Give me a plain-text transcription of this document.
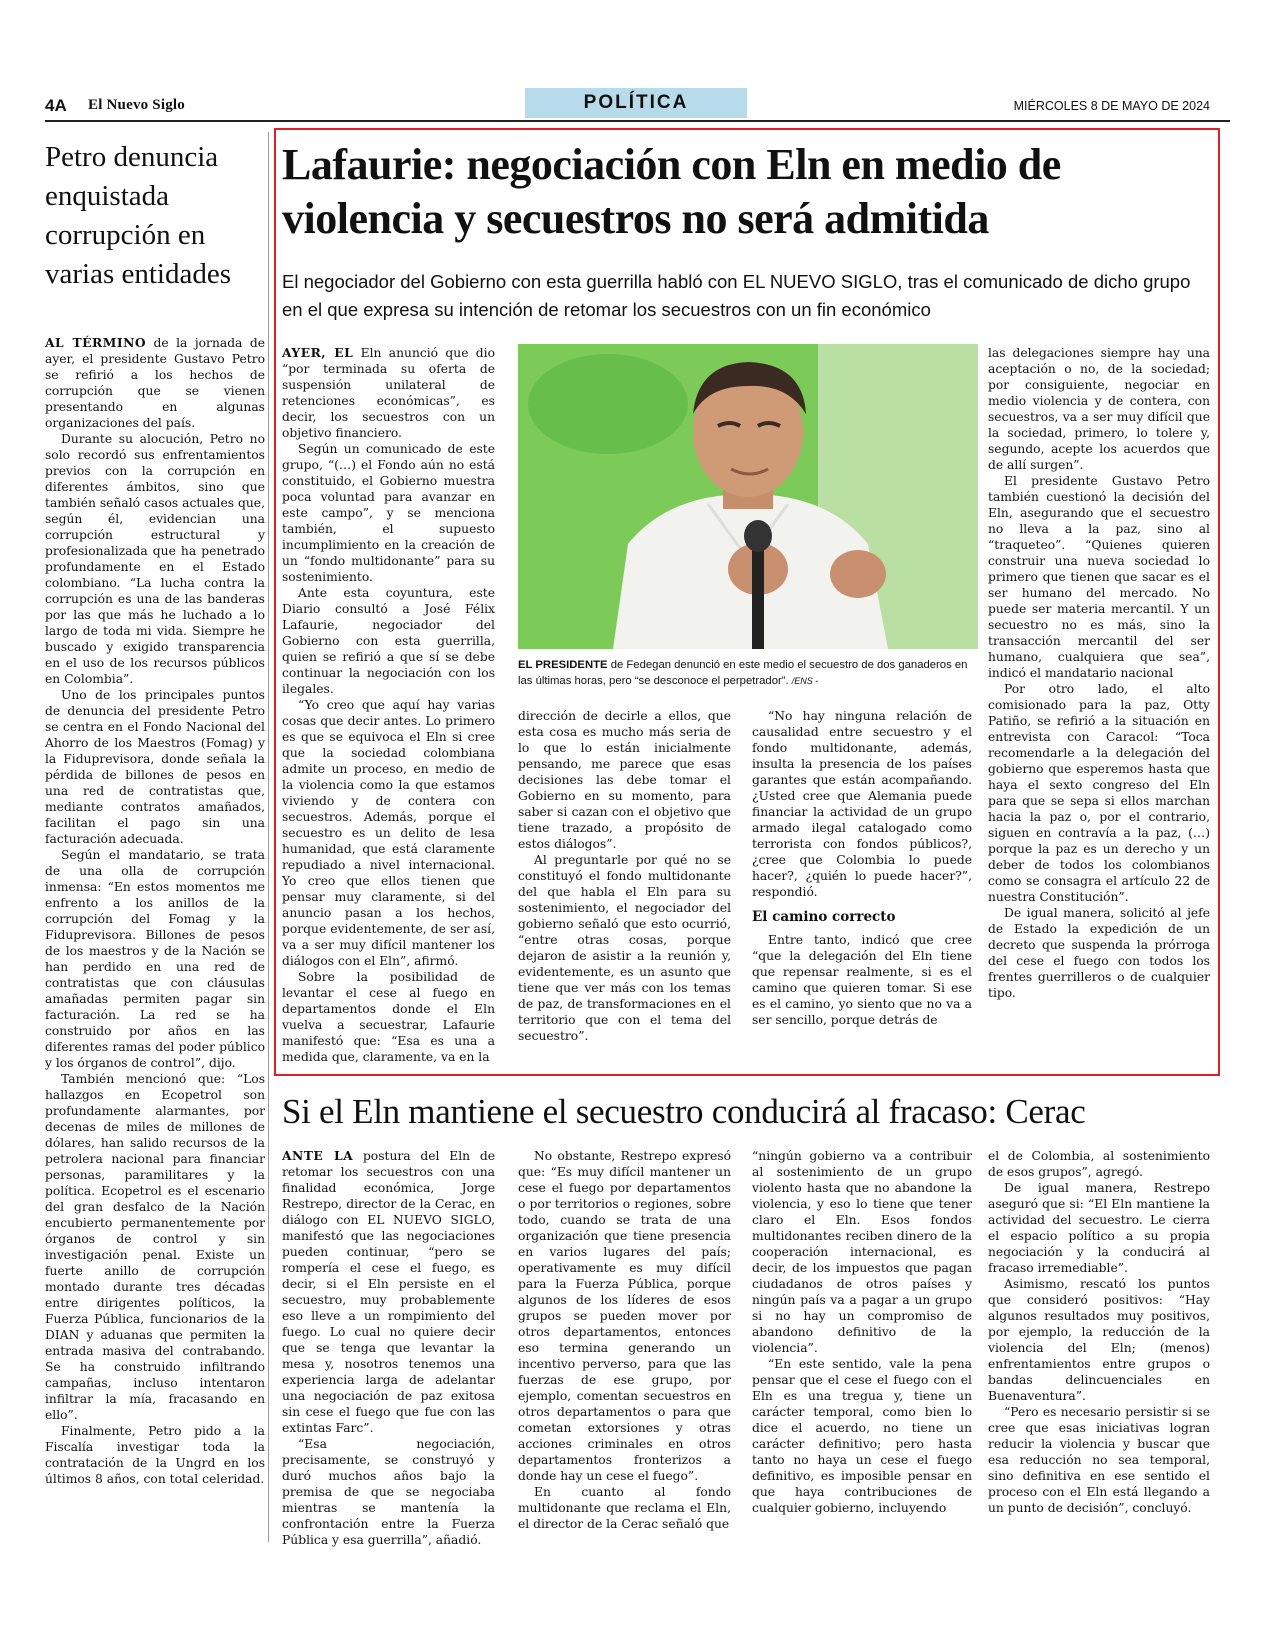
4A El Nuevo Siglo	POLÍTICA	MIÉRCOLES 8 DE MAYO DE 2024
Petro denuncia enquistada corrupción en varias entidades

AL TÉRMINO de la jornada de ayer, el presidente Gustavo Petro se refirió a los hechos de corrupción que se vienen presentando en algunas organizaciones del país.

Durante su alocución, Petro no solo recordó sus enfrentamientos previos con la corrupción en diferentes ámbitos, sino que también señaló casos actuales que, según él, evidencian una corrupción estructural y profesionalizada que ha penetrado profundamente en el Estado colombiano. “La lucha contra la corrupción es una de las banderas por las que más he luchado a lo largo de toda mi vida. Siempre he buscado y exigido transparencia en el uso de los recursos públicos en Colombia”.

Uno de los principales puntos de denuncia del presidente Petro se centra en el Fondo Nacional del Ahorro de los Maestros (Fomag) y la Fiduprevisora, donde señala la pérdida de billones de pesos en una red de contratistas que, mediante contratos amañados, facilitan el pago sin una facturación adecuada.

Según el mandatario, se trata de una olla de corrupción inmensa: “En estos momentos me enfrento a los anillos de la corrupción del Fomag y la Fiduprevisora. Billones de pesos de los maestros y de la Nación se han perdido en una red de contratistas que con cláusulas amañadas permiten pagar sin facturación. La red se ha construido por años en las diferentes ramas del poder público y los órganos de control”, dijo.

También mencionó que: “Los hallazgos en Ecopetrol son profundamente alarmantes, por decenas de miles de millones de dólares, han salido recursos de la petrolera nacional para financiar personas, paramilitares y la política. Ecopetrol es el escenario del gran desfalco de la Nación encubierto permanentemente por órganos de control y sin investigación penal. Existe un fuerte anillo de corrupción montado durante tres décadas entre dirigentes políticos, la Fuerza Pública, funcionarios de la DIAN y aduanas que permiten la entrada masiva del contrabando. Se ha construido infiltrando campañas, incluso intentaron infiltrar la mía, fracasando en ello”.

Finalmente, Petro pido a la Fiscalía investigar toda la contratación de la Ungrd en los últimos 8 años, con total celeridad.

Lafaurie: negociación con Eln en medio de violencia y secuestros no será admitida
El negociador del Gobierno con esta guerrilla habló con EL NUEVO SIGLO, tras el comunicado de dicho grupo en el que expresa su intención de retomar los secuestros con un fin económico

AYER, EL Eln anunció que dio “por terminada su oferta de suspensión unilateral de retenciones económicas”, es decir, los secuestros con un objetivo financiero.

Según un comunicado de este grupo, “(…) el Fondo aún no está constituido, el Gobierno muestra poca voluntad para avanzar en este campo”, y se menciona también, el supuesto incumplimiento en la creación de un “fondo multidonante” para su sostenimiento.

Ante esta coyuntura, este Diario consultó a José Félix Lafaurie, negociador del Gobierno con esta guerrilla, quien se refirió a que sí se debe continuar la negociación con los ilegales.

“Yo creo que aquí hay varias cosas que decir antes. Lo primero es que se equivoca el Eln si cree que la sociedad colombiana admite un proceso, en medio de la violencia como la que estamos viviendo y de contera con secuestros. Además, porque el secuestro es un delito de lesa humanidad, que está claramente repudiado a nivel internacional. Yo creo que ellos tienen que pensar muy claramente, si del anuncio pasan a los hechos, porque evidentemente, de ser así, va a ser muy difícil mantener los diálogos con el Eln”, afirmó.

Sobre la posibilidad de levantar el cese al fuego en departamentos donde el Eln vuelva a secuestrar, Lafaurie manifestó que: “Esa es una a medida que, claramente, va en la

EL PRESIDENTE de Fedegan denunció en este medio el secuestro de dos ganaderos en las últimas horas, pero “se desconoce el perpetrador”. /ENS -

dirección de decirle a ellos, que esta cosa es mucho más seria de lo que lo están inicialmente pensando, me parece que esas decisiones las debe tomar el Gobierno en su momento, para saber si cazan con el objetivo que tiene trazado, a propósito de estos diálogos”.

Al preguntarle por qué no se constituyó el fondo multidonante del que habla el Eln para su sostenimiento, el negociador del gobierno señaló que esto ocurrió, “entre otras cosas, porque dejaron de asistir a la reunión y, evidentemente, es un asunto que tiene que ver más con los temas de paz, de transformaciones en el territorio que con el tema del secuestro”.

“No hay ninguna relación de causalidad entre secuestro y el fondo multidonante, además, insulta la presencia de los países garantes que están acompañando. ¿Usted cree que Alemania puede financiar la actividad de un grupo armado ilegal catalogado como terrorista con fondos públicos?, ¿cree que Colombia lo puede hacer?, ¿quién lo puede hacer?”, respondió.

El camino correcto

Entre tanto, indicó que cree “que la delegación del Eln tiene que repensar realmente, si es el camino que quieren tomar. Si ese es el camino, yo siento que no va a ser sencillo, porque detrás de

las delegaciones siempre hay una aceptación o no, de la sociedad; por consiguiente, negociar en medio violencia y de contera, con secuestros, va a ser muy difícil que la sociedad, primero, lo tolere y, segundo, acepte los acuerdos que de allí surgen”.

El presidente Gustavo Petro también cuestionó la decisión del Eln, asegurando que el secuestro no lleva a la paz, sino al “traqueteo”. “Quienes quieren construir una nueva sociedad lo primero que tienen que sacar es el ser humano del mercado. No puede ser materia mercantil. Y un secuestro no es más, sino la transacción mercantil del ser humano, cualquiera que sea”, indicó el mandatario nacional

Por otro lado, el alto comisionado para la paz, Otty Patiño, se refirió a la situación en entrevista con Caracol: “Toca recomendarle a la delegación del gobierno que esperemos hasta que haya el sexto congreso del Eln para que se sepa si ellos marchan hacia la paz o, por el contrario, siguen en contravía a la paz, (…) porque la paz es un derecho y un deber de todos los colombianos como se consagra el artículo 22 de nuestra Constitución”.

De igual manera, solicitó al jefe de Estado la expedición de un decreto que suspenda la prórroga del cese el fuego con todos los frentes guerrilleros o de cualquier tipo.

Si el Eln mantiene el secuestro conducirá al fracaso: Cerac

ANTE LA postura del Eln de retomar los secuestros con una finalidad económica, Jorge Restrepo, director de la Cerac, en diálogo con EL NUEVO SIGLO, manifestó que las negociaciones pueden continuar, “pero se rompería el cese el fuego, es decir, si el Eln persiste en el secuestro, muy probablemente eso lleve a un rompimiento del fuego. Lo cual no quiere decir que se tenga que levantar la mesa y, nosotros tenemos una experiencia larga de adelantar una negociación de paz exitosa sin cese el fuego que fue con las extintas Farc”.

“Esa negociación, precisamente, se construyó y duró muchos años bajo la premisa de que se negociaba mientras se mantenía la confrontación entre la Fuerza Pública y esa guerrilla”, añadió.

No obstante, Restrepo expresó que: “Es muy difícil mantener un cese el fuego por departamentos o por territorios o regiones, sobre todo, cuando se trata de una organización que tiene presencia en varios lugares del país; operativamente es muy difícil para la Fuerza Pública, porque algunos de los líderes de esos grupos se pueden mover por otros departamentos, entonces eso termina generando un incentivo perverso, para que las fuerzas de ese grupo, por ejemplo, comentan secuestros en otros departamentos o para que cometan extorsiones y otras acciones criminales en otros departamentos fronterizos a donde hay un cese el fuego”.

En cuanto al fondo multidonante que reclama el Eln, el director de la Cerac señaló que

“ningún gobierno va a contribuir al sostenimiento de un grupo violento hasta que no abandone la violencia, y eso lo tiene que tener claro el Eln. Esos fondos multidonantes reciben dinero de la cooperación internacional, es decir, de los impuestos que pagan ciudadanos de otros países y ningún país va a pagar a un grupo si no hay un compromiso de abandono definitivo de la violencia”.

“En este sentido, vale la pena pensar que el cese el fuego con el Eln es una tregua y, tiene un carácter temporal, como bien lo dice el acuerdo, no tiene un carácter definitivo; pero hasta tanto no haya un cese el fuego definitivo, es imposible pensar en que haya contribuciones de cualquier gobierno, incluyendo

el de Colombia, al sostenimiento de esos grupos”, agregó.

De igual manera, Restrepo aseguró que si: “El Eln mantiene la actividad del secuestro. Le cierra el espacio político a su propia negociación y la conducirá al fracaso irremediable”.

Asimismo, rescató los puntos que consideró positivos: “Hay algunos resultados muy positivos, por ejemplo, la reducción de la violencia del Eln; (menos) enfrentamientos entre grupos o bandas delincuenciales en Buenaventura”.

“Pero es necesario persistir si se cree que esas iniciativas logran reducir la violencia y buscar que esa reducción no sea temporal, sino definitiva en ese sentido el proceso con el Eln está llegando a un punto de decisión”, concluyó.
